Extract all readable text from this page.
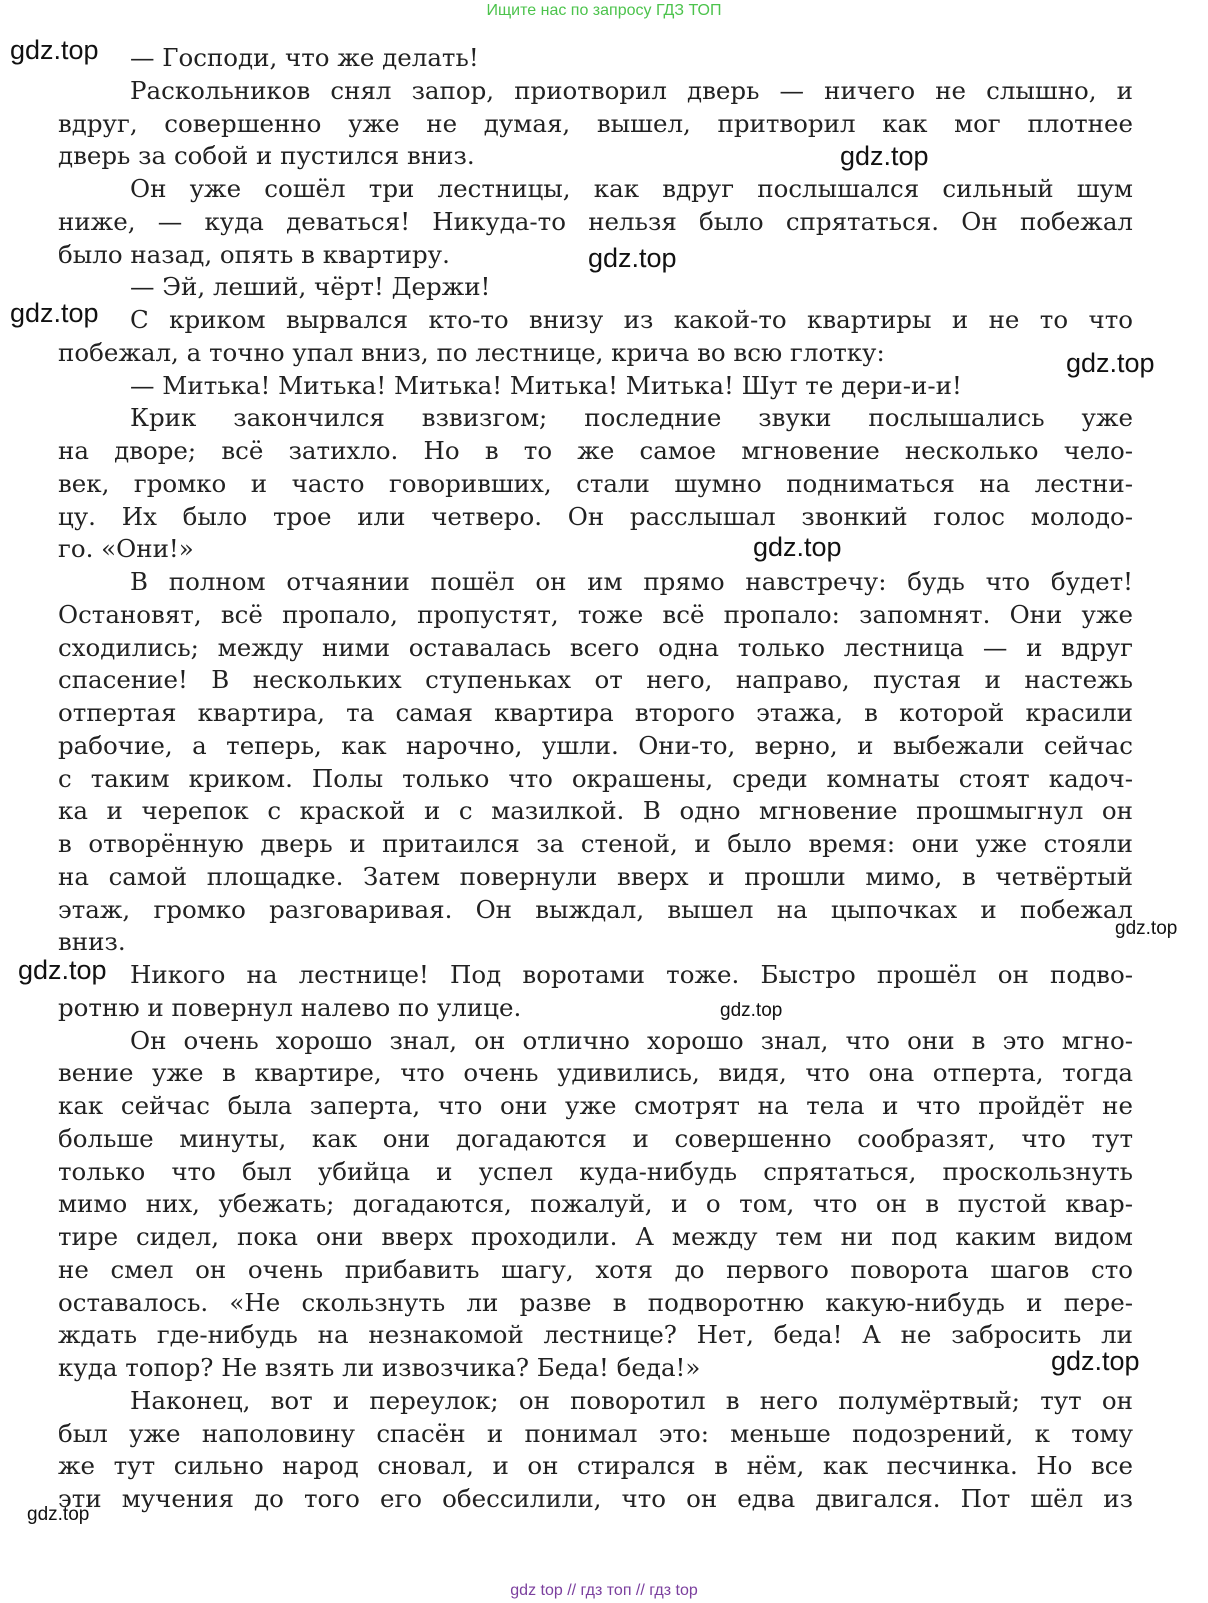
Ищите нас по запросу ГДЗ ТОП
— Господи, что же делать!
Раскольников снял запор, приотворил дверь — ничего не слышно, и
вдруг, совершенно уже не думая, вышел, притворил как мог плотнее
дверь за собой и пустился вниз.
Он уже сошёл три лестницы, как вдруг послышался сильный шум
ниже, — куда деваться! Никуда-то нельзя было спрятаться. Он побежал
было назад, опять в квартиру.
— Эй, леший, чёрт! Держи!
С криком вырвался кто-то внизу из какой-то квартиры и не то что
побежал, а точно упал вниз, по лестнице, крича во всю глотку:
— Митька! Митька! Митька! Митька! Митька! Шут те дери-и-и!
Крик закончился взвизгом; последние звуки послышались уже
на дворе; всё затихло. Но в то же самое мгновение несколько чело-
век, громко и часто говоривших, стали шумно подниматься на лестни-
цу. Их было трое или четверо. Он расслышал звонкий голос молодо-
го. «Они!»
В полном отчаянии пошёл он им прямо навстречу: будь что будет!
Остановят, всё пропало, пропустят, тоже всё пропало: запомнят. Они уже
сходились; между ними оставалась всего одна только лестница — и вдруг
спасение! В нескольких ступеньках от него, направо, пустая и настежь
отпертая квартира, та самая квартира второго этажа, в которой красили
рабочие, а теперь, как нарочно, ушли. Они-то, верно, и выбежали сейчас
с таким криком. Полы только что окрашены, среди комнаты стоят кадоч-
ка и черепок с краской и с мазилкой. В одно мгновение прошмыгнул он
в отворённую дверь и притаился за стеной, и было время: они уже стояли
на самой площадке. Затем повернули вверх и прошли мимо, в четвёртый
этаж, громко разговаривая. Он выждал, вышел на цыпочках и побежал
вниз.
Никого на лестнице! Под воротами тоже. Быстро прошёл он подво-
ротню и повернул налево по улице.
Он очень хорошо знал, он отлично хорошо знал, что они в это мгно-
вение уже в квартире, что очень удивились, видя, что она отперта, тогда
как сейчас была заперта, что они уже смотрят на тела и что пройдёт не
больше минуты, как они догадаются и совершенно сообразят, что тут
только что был убийца и успел куда-нибудь спрятаться, проскользнуть
мимо них, убежать; догадаются, пожалуй, и о том, что он в пустой квар-
тире сидел, пока они вверх проходили. А между тем ни под каким видом
не смел он очень прибавить шагу, хотя до первого поворота шагов сто
оставалось. «Не скользнуть ли разве в подворотню какую-нибудь и пере-
ждать где-нибудь на незнакомой лестнице? Нет, беда! А не забросить ли
куда топор? Не взять ли извозчика? Беда! беда!»
Наконец, вот и переулок; он поворотил в него полумёртвый; тут он
был уже наполовину спасён и понимал это: меньше подозрений, к тому
же тут сильно народ сновал, и он стирался в нём, как песчинка. Но все
эти мучения до того его обессилили, что он едва двигался. Пот шёл из
gdz.top
gdz.top
gdz.top
gdz.top
gdz.top
gdz.top
gdz.top
gdz.top
gdz.top
gdz.top
gdz.top
gdz top // гдз топ // гдз top
